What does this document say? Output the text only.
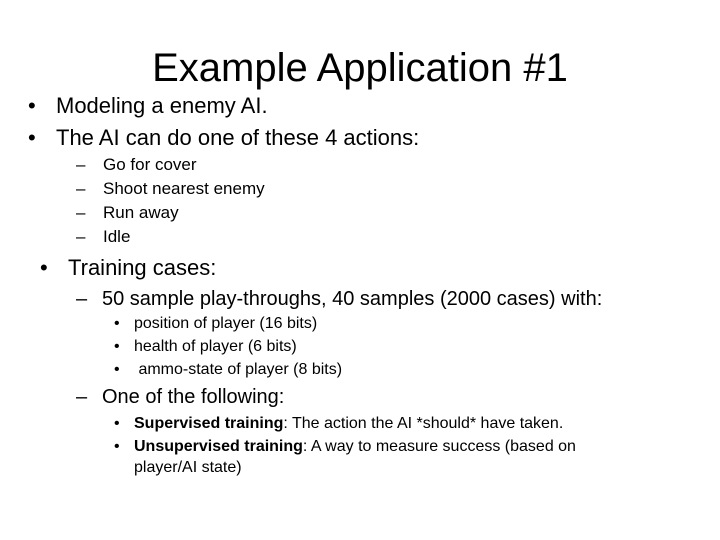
Example Application #1
• Modeling a enemy AI.
• The AI can do one of these 4 actions:
– Go for cover
– Shoot nearest enemy
– Run away
– Idle
• Training cases:
– 50 sample play-throughs, 40 samples (2000 cases) with:
• position of player (16 bits)
• health of player (6 bits)
• ammo-state of player (8 bits)
– One of the following:
• Supervised training: The action the AI *should* have taken.
• Unsupervised training: A way to measure success (based on
player/AI state)
